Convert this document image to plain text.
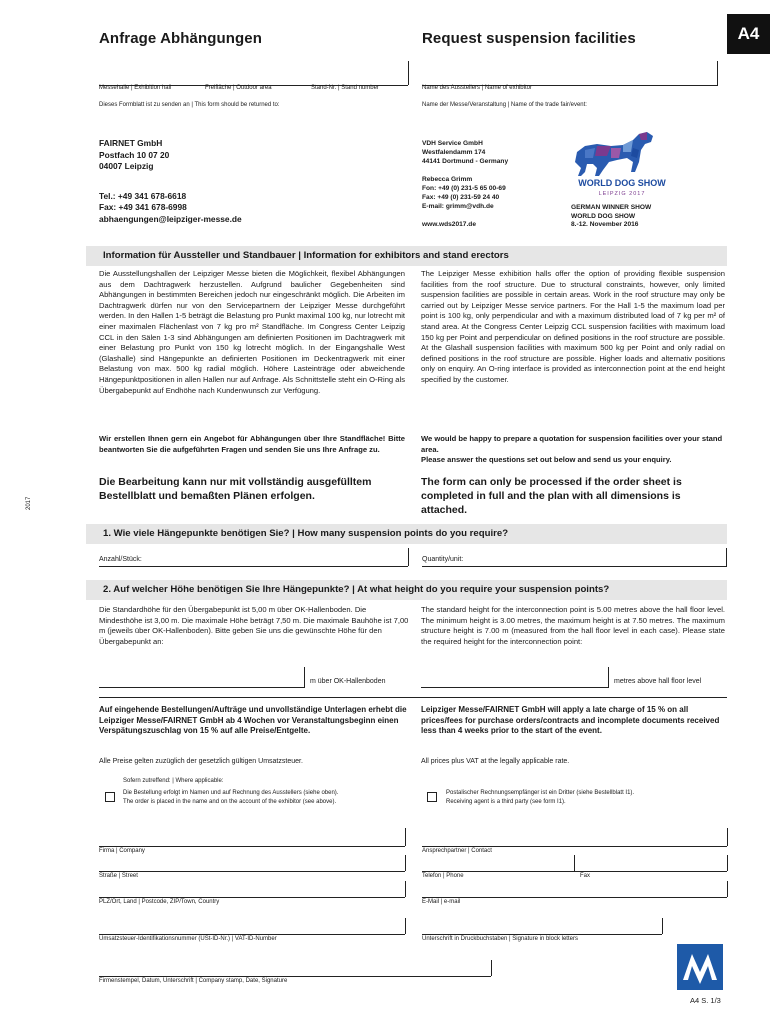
Anfrage Abhängungen	Request suspension facilities	A4
Messehalle | Exhibition hall	Freifläche | Outdoor area	Stand-Nr. | Stand number	Name des Ausstellers | Name of exhibitor
Dieses Formblatt ist zu senden an | This form should be returned to:	Name der Messe/Veranstaltung | Name of the trade fair/event:
FAIRNET GmbH
Postfach 10 07 20
04007 Leipzig
Tel.: +49 341 678-6618
Fax: +49 341 678-6998
abhaengungen@leipziger-messe.de
VDH Service GmbH
Westfalendamm 174
44141 Dortmund - Germany
Rebecca Grimm
Fon: +49 (0) 231-5 65 00-69
Fax: +49 (0) 231-59 24 40
E-mail: grimm@vdh.de
www.wds2017.de
WORLD DOG SHOW
LEIPZIG 2017
GERMAN WINNER SHOW
WORLD DOG SHOW
8.-12. November 2016
Information für Aussteller und Standbauer | Information for exhibitors and stand erectors
Die Ausstellungshallen der Leipziger Messe bieten die Möglichkeit, flexibel Abhängungen aus dem Dachtragwerk herzustellen. Aufgrund baulicher Gegebenheiten sind Abhängungen in bestimmten Bereichen jedoch nur eingeschränkt möglich. Die Arbeiten im Dachtragwerk dürfen nur von den Servicepartnern der Leipziger Messe durchgeführt werden. In den Hallen 1-5 beträgt die Belastung pro Punkt maximal 100 kg, nur lotrecht mit einer maximalen Flächenlast von 7 kg pro m² Standfläche. Im Congress Center Leipzig CCL in den Sälen 1-3 sind Abhängungen am definierten Positionen im Dachtragwerk mit einer Belastung pro Punkt von 150 kg lotrecht möglich. In der Eingangshalle West (Glashalle) sind Hängepunkte an definierten Positionen im Deckentragwerk mit einer Belastung von max. 500 kg radial möglich. Höhere Lasteinträge oder abweichende Hängepunktpositionen in allen Hallen nur auf Anfrage. Als Schnittstelle steht ein O-Ring als Übergabepunkt auf Endhöhe nach Kundenwunsch zur Verfügung.
Wir erstellen Ihnen gern ein Angebot für Abhängungen über Ihre Standfläche! Bitte beantworten Sie die aufgeführten Fragen und senden Sie uns Ihre Anfrage zu.
Die Bearbeitung kann nur mit vollständig ausgefülltem Bestellblatt und bemaßten Plänen erfolgen.
The Leipziger Messe exhibition halls offer the option of providing flexible suspension facilities from the roof structure. Due to structural constraints, however, only limited suspension facilities are possible in certain areas. Work in the roof structure may only be carried out by Leipziger Messe service partners. For the Hall 1-5 the maximum load per point is 100 kg, only perpendicular and with a maximum distributed load of 7 kg per m² of stand area. At the Congress Center Leipzig CCL suspension facilities with maximum load 150 kg per Point and perpendicular on defined positions in the roof structure are possible. At the Glashall suspension facilities with maximum 500 kg per Point and only radial on defined positions in the roof structure are possible. Higher loads and alternativ positions only on enquiry. An O-ring interface is provided as interconnection point at the end height specified by the customer.
We would be happy to prepare a quotation for suspension facilities over your stand area.
Please answer the questions set out below and send us your enquiry.
The form can only be processed if the order sheet is completed in full and the plan with all dimensions is attached.
2017
1. Wie viele Hängepunkte benötigen Sie? | How many suspension points do you require?
Anzahl/Stück:	Quantity/unit:
2. Auf welcher Höhe benötigen Sie Ihre Hängepunkte? | At what height do you require your suspension points?
Die Standardhöhe für den Übergabepunkt ist 5,00 m über OK-Hallenboden. Die Mindesthöhe ist 3,00 m. Die maximale Höhe beträgt 7,50 m. Die maximale Bauhöhe ist 7,00 m (jeweils über OK-Hallenboden). Bitte geben Sie uns die gewünschte Höhe für den Übergabepunkt an:
The standard height for the interconnection point is 5.00 metres above the hall floor level. The minimum height is 3.00 metres, the maximum height is at 7.50 metres. The maximum structure height is 7.00 m (measured from the hall floor level in each case). Please state the required height for the interconnection point:
m über OK-Hallenboden	metres above hall floor level
Auf eingehende Bestellungen/Aufträge und unvollständige Unterlagen erhebt die Leipziger Messe/FAIRNET GmbH ab 4 Wochen vor Veranstaltungsbeginn einen Verspätungszuschlag von 15 % auf alle Preise/Entgelte.
Leipziger Messe/FAIRNET GmbH will apply a late charge of 15 % on all prices/fees for purchase orders/contracts and incomplete documents received less than 4 weeks prior to the start of the event.
Alle Preise gelten zuzüglich der gesetzlich gültigen Umsatzsteuer.	All prices plus VAT at the legally applicable rate.
Sofern zutreffend: | Where applicable:
Die Bestellung erfolgt im Namen und auf Rechnung des Ausstellers (siehe oben).
The order is placed in the name and on the account of the exhibitor (see above).
Postalischer Rechnungsempfänger ist ein Dritter (siehe Bestellblatt I1).
Receiving agent is a third party (see form I1).
Firma | Company	Ansprechpartner | Contact
Straße | Street	Telefon | Phone	Fax
PLZ/Ort, Land | Postcode, ZIP/Town, Country	E-Mail | e-mail
Umsatzsteuer-Identifikationsnummer (USt-ID-Nr.) | VAT-ID-Number	Unterschrift in Druckbuchstaben | Signature in block letters
Firmenstempel, Datum, Unterschrift | Company stamp, Date, Signature
A4 S. 1/3
